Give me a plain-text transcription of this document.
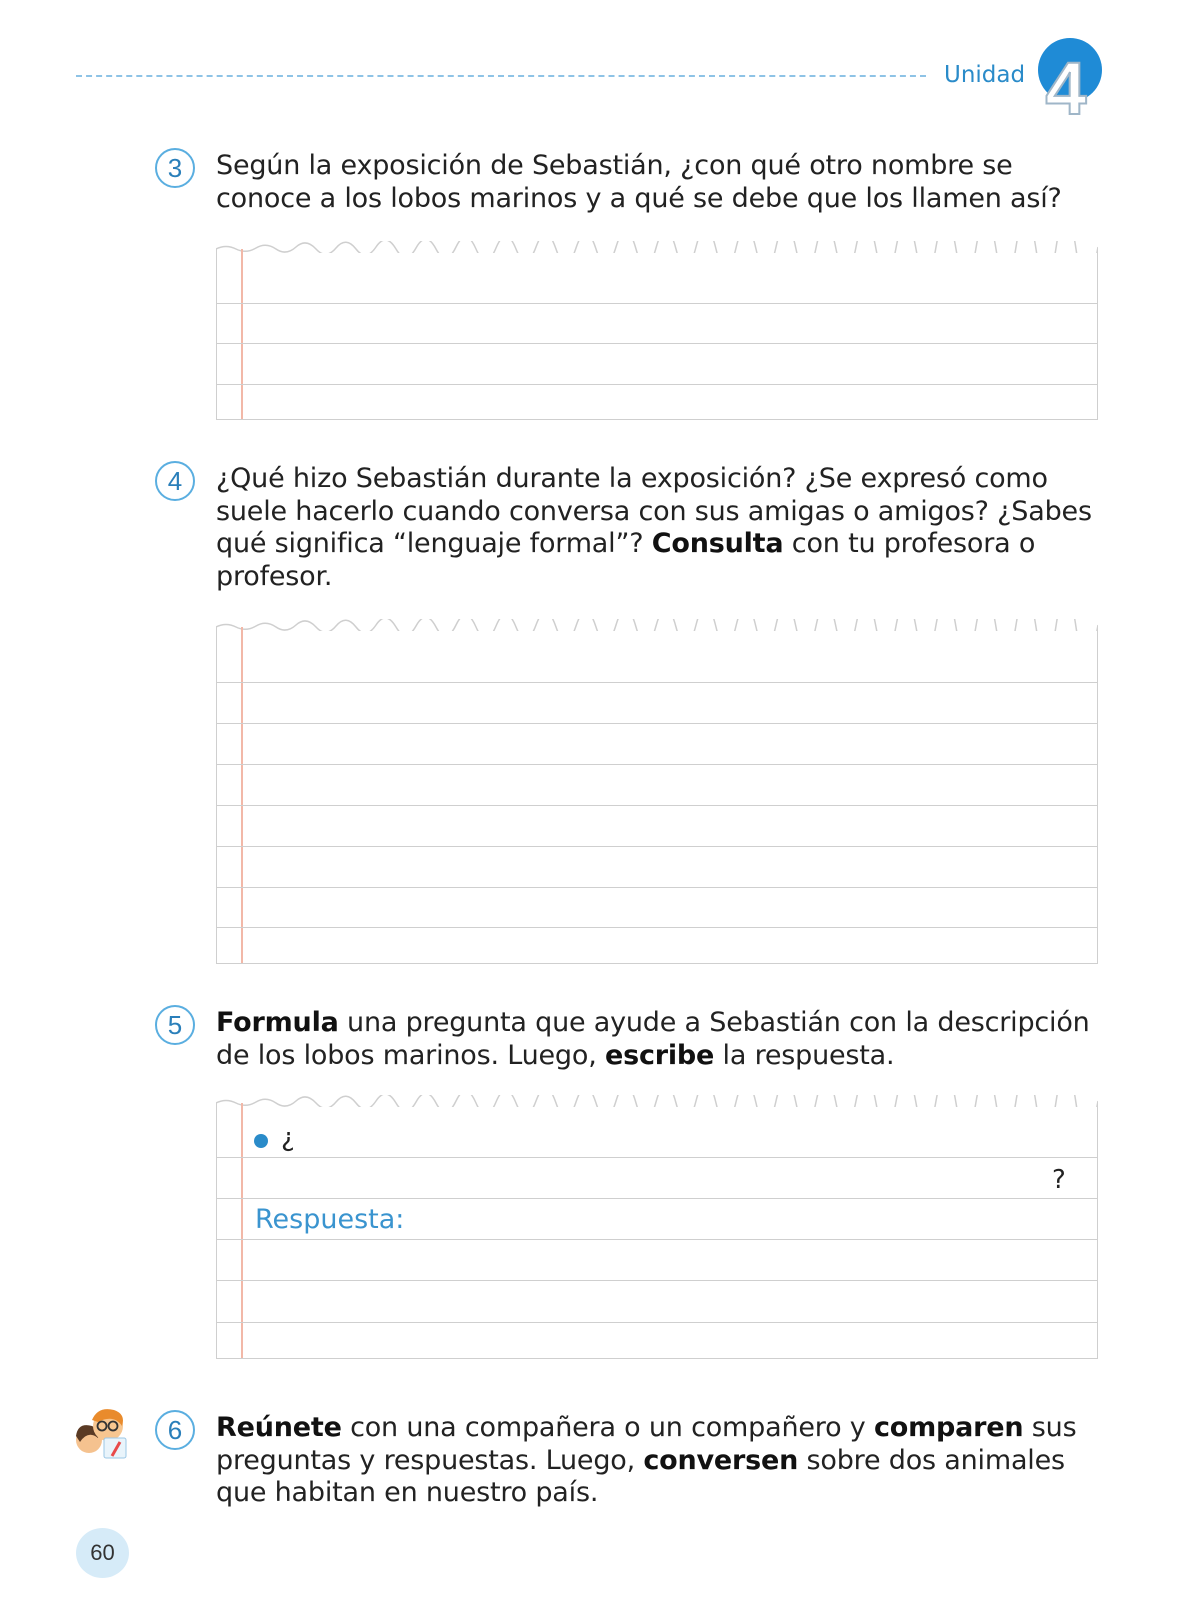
Unidad 4
3	Según la exposición de Sebastián, ¿con qué otro nombre se conoce a los lobos marinos y a qué se debe que los llamen así?
4	¿Qué hizo Sebastián durante la exposición? ¿Se expresó como suele hacerlo cuando conversa con sus amigas o amigos? ¿Sabes qué significa “lenguaje formal”? Consulta con tu profesora o profesor.
5	Formula una pregunta que ayude a Sebastián con la descripción de los lobos marinos. Luego, escribe la respuesta.
¿
?
Respuesta:
6	Reúnete con una compañera o un compañero y comparen sus preguntas y respuestas. Luego, conversen sobre dos animales que habitan en nuestro país.
60
